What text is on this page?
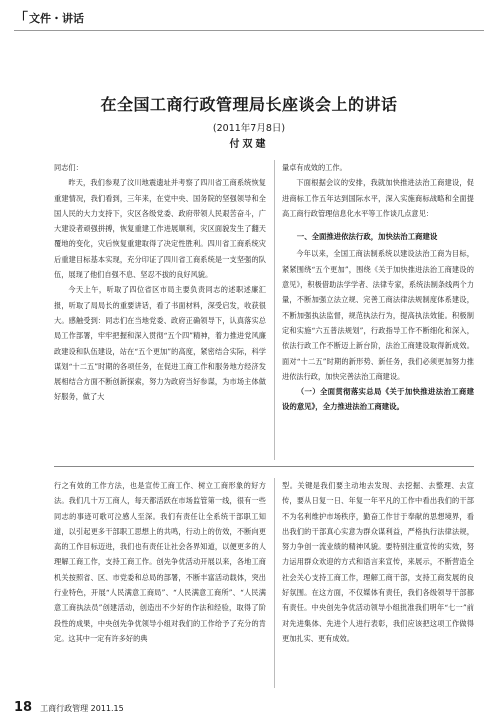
「 文件・讲话
在全国工商行政管理局长座谈会上的讲话
(2011年7月8日)
付双建

同志们：

昨天，我们参观了汶川地震遗址并考察了四川省工商系统恢复重建情况，我们看到，三年来，在党中央、国务院的坚强领导和全国人民的大力支持下，灾区各级党委、政府带领人民艰苦奋斗，广大建设者顽强拼搏，恢复重建工作进展顺利，灾区面貌发生了翻天覆地的变化，灾后恢复重建取得了决定性胜利。四川省工商系统灾后重建目标基本实现，充分印证了四川省工商系统是一支坚强的队伍，展现了他们自强不息、坚忍不拔的良好风貌。

今天上午，听取了四位省区市局主要负责同志的述职述廉汇报，听取了局局长的重要讲话，看了书面材料，深受启发，收获很大。感触受到：同志们在当地党委、政府正确领导下，认真落实总局工作部署，牢牢把握和深入贯彻“五个四”精神，着力推进党风廉政建设和队伍建设，站在“五个更加”的高度，紧密结合实际，科学谋划“十二五”时期的各项任务，在促进工商工作和服务地方经济发展相结合方面不断创新探索，努力为政府当好参谋，为市场主体做好服务，做了大

量卓有成效的工作。

下面根据会议的安排，我就加快推进法治工商建设，促进商标工作五年达到国际水平，深入实施商标战略和全面提高工商行政管理信息化水平等工作谈几点意见：

一、全面推进依法行政，加快法治工商建设

今年以来，全国工商法制系统以建设法治工商为目标，紧紧围绕“五个更加”，围绕《关于加快推进法治工商建设的意见》，积极借助法学学者、法律专家，系统法制条线两个力量，不断加强立法立规、完善工商法律法规制度体系建设，不断加强执法监督，规范执法行为，提高执法效能。积极制定和实施“六五普法规划”，行政指导工作不断细化和深入，依法行政工作不断迈上新台阶，法治工商建设取得新成效。面对“十二五”时期的新形势、新任务，我们必须更加努力推进依法行政，加快完善法治工商建设。

（一）全面贯彻落实总局《关于加快推进法治工商建设的意见》，全力推进法治工商建设。

行之有效的工作方法，也是宣传工商工作、树立工商形象的好方法。我们几十万工商人，每天都活跃在市场监管第一线，很有一些同志的事迹可歌可泣感人至深。我们有责任让全系统干部职工知道，以引起更多干部职工思想上的共鸣，行动上的仿效，不断向更高的工作目标迈进，我们也有责任让社会各界知道，以便更多的人理解工商工作，支持工商工作。创先争优活动开展以来，各地工商机关按照省、区、市党委和总局的部署，不断丰富活动载体，突出行业特色，开展“人民满意工商局”、“人民满意工商所”、“人民满意工商执法员”创建活动，创造出不少好的作法和经验，取得了阶段性的成果，中央创先争优领导小组对我们的工作给予了充分的肯定。这其中一定有许多好的典

型。关键是我们要主动地去发现、去挖掘、去整理、去宣传，要从日复一日、年复一年平凡的工作中看出我们的干部不为名利维护市场秩序，勤奋工作甘于奉献的思想境界，看出我们的干部真心实意为群众谋利益，严格执行法律法规，努力争创一流业绩的精神风貌。要特别注重宣传的实效，努力运用群众欢迎的方式和语言来宣传，来展示，不断营造全社会关心支持工商工作，理解工商干部，支持工商发展的良好氛围。在这方面，不仅媒体有责任，我们各级领导干部都有责任。中央创先争优活动领导小组批准我们明年“七一”前对先进集体、先进个人进行表彰，我们应该把这项工作做得更加扎实、更有成效。

18 工商行政管理 2011.15
